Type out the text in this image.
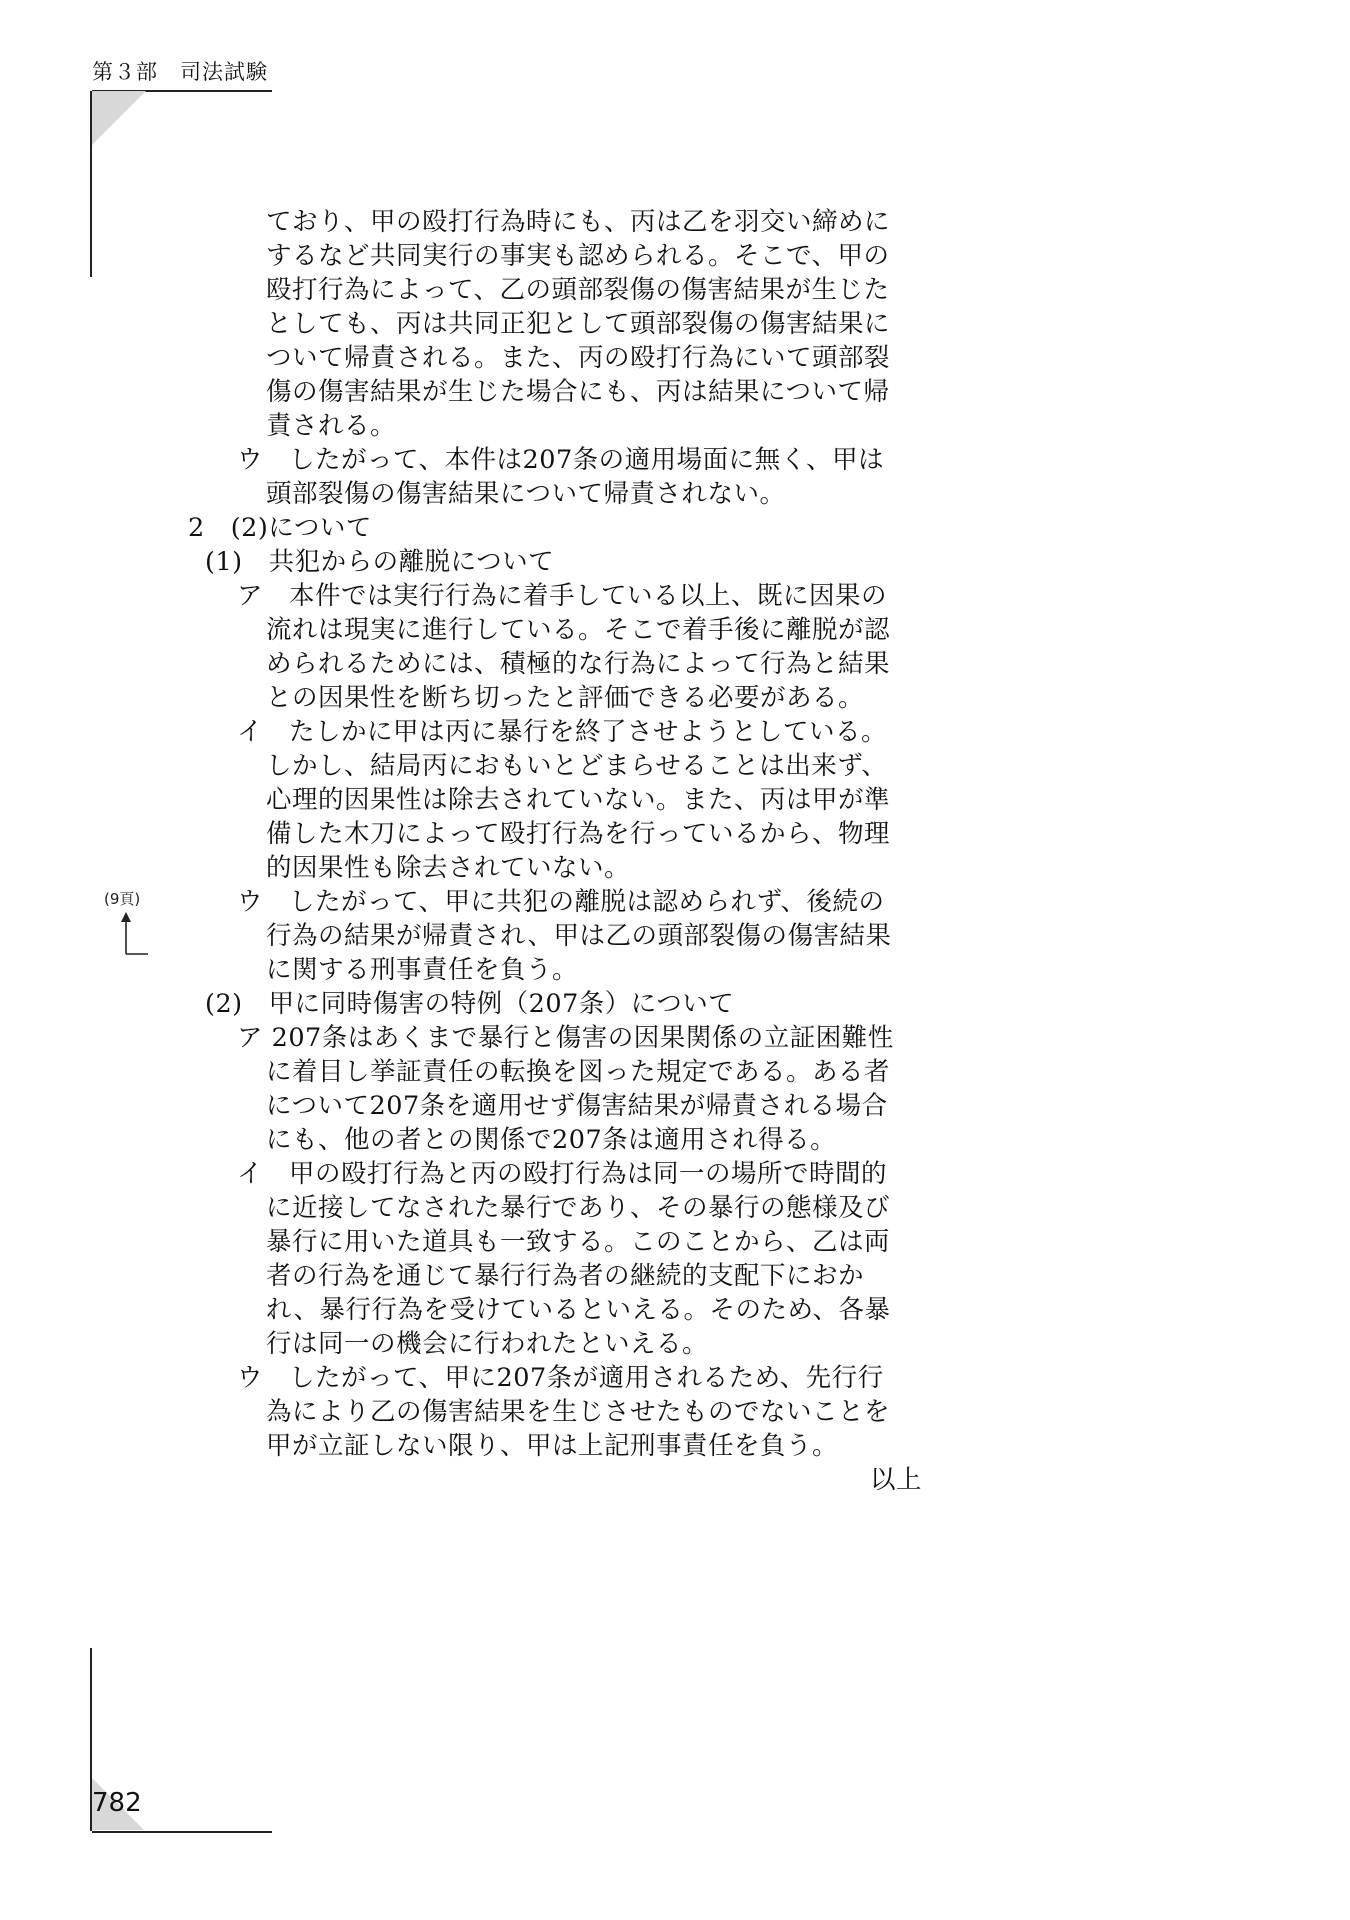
第３部　司法試験
(9頁)
ており、甲の殴打行為時にも、丙は乙を羽交い締めに
するなど共同実行の事実も認められる。そこで、甲の
殴打行為によって、乙の頭部裂傷の傷害結果が生じた
としても、丙は共同正犯として頭部裂傷の傷害結果に
ついて帰責される。また、丙の殴打行為にいて頭部裂
傷の傷害結果が生じた場合にも、丙は結果について帰
責される。
ウ　したがって、本件は207条の適用場面に無く、甲は
頭部裂傷の傷害結果について帰責されない。
2　(2)について
(1)　共犯からの離脱について
ア　本件では実行行為に着手している以上、既に因果の
流れは現実に進行している。そこで着手後に離脱が認
められるためには、積極的な行為によって行為と結果
との因果性を断ち切ったと評価できる必要がある。
イ　たしかに甲は丙に暴行を終了させようとしている。
しかし、結局丙におもいとどまらせることは出来ず、
心理的因果性は除去されていない。また、丙は甲が準
備した木刀によって殴打行為を行っているから、物理
的因果性も除去されていない。
ウ　したがって、甲に共犯の離脱は認められず、後続の
行為の結果が帰責され、甲は乙の頭部裂傷の傷害結果
に関する刑事責任を負う。
(2)　甲に同時傷害の特例（207条）について
ア 207条はあくまで暴行と傷害の因果関係の立証困難性
に着目し挙証責任の転換を図った規定である。ある者
について207条を適用せず傷害結果が帰責される場合
にも、他の者との関係で207条は適用され得る。
イ　甲の殴打行為と丙の殴打行為は同一の場所で時間的
に近接してなされた暴行であり、その暴行の態様及び
暴行に用いた道具も一致する。このことから、乙は両
者の行為を通じて暴行行為者の継続的支配下におか
れ、暴行行為を受けているといえる。そのため、各暴
行は同一の機会に行われたといえる。
ウ　したがって、甲に207条が適用されるため、先行行
為により乙の傷害結果を生じさせたものでないことを
甲が立証しない限り、甲は上記刑事責任を負う。
以上
782
